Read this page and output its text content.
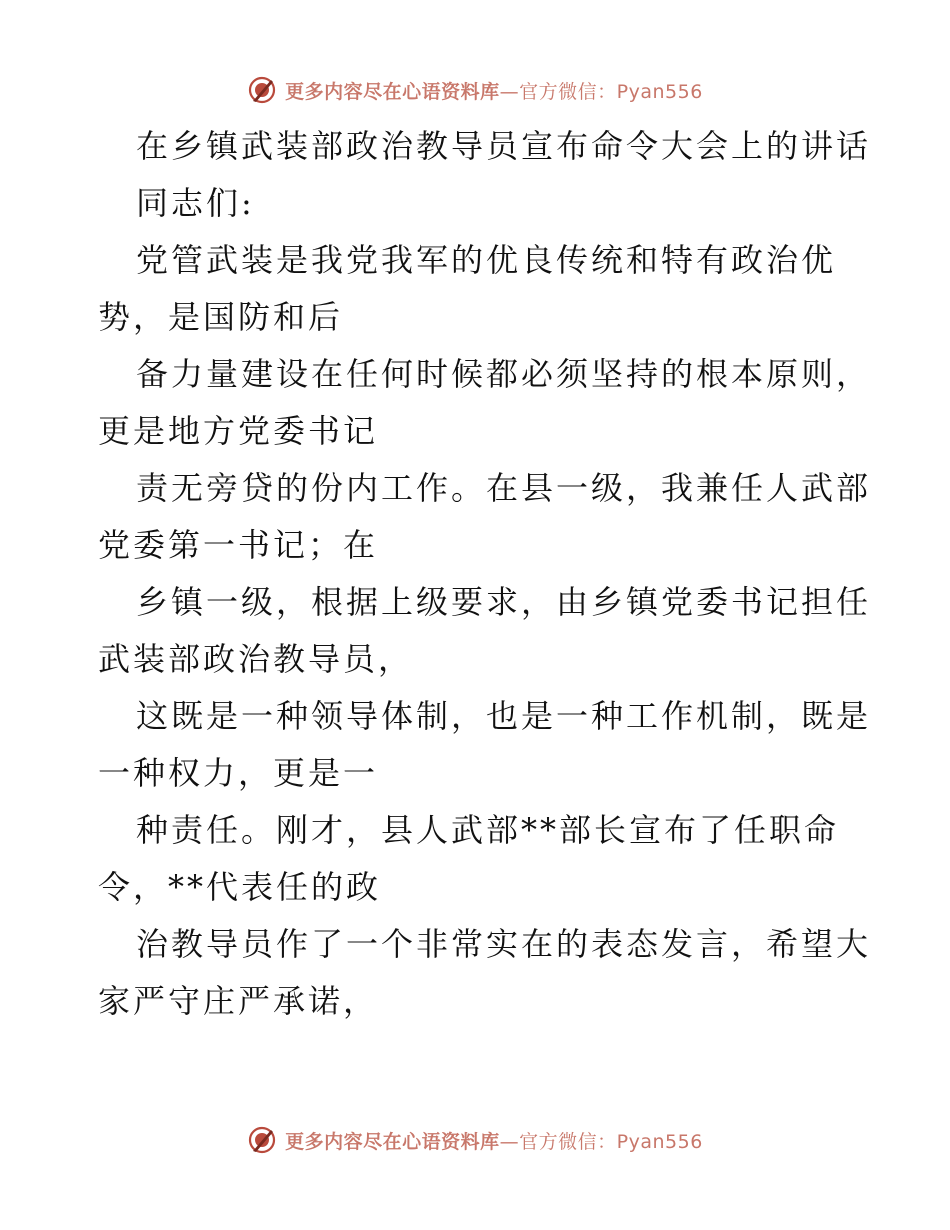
更多内容尽在心语资料库—官方微信：Pyan556

在乡镇武装部政治教导员宣布命令大会上的讲话

同志们:

党管武装是我党我军的优良传统和特有政治优

势，是国防和后

备力量建设在任何时候都必须坚持的根本原则，

更是地方党委书记

责无旁贷的份内工作。在县一级，我兼任人武部

党委第一书记；在

乡镇一级，根据上级要求，由乡镇党委书记担任

武装部政治教导员，

这既是一种领导体制，也是一种工作机制，既是

一种权力，更是一

种责任。刚才，县人武部**部长宣布了任职命

令，**代表任的政

治教导员作了一个非常实在的表态发言，希望大

家严守庄严承诺，

更多内容尽在心语资料库—官方微信：Pyan556
